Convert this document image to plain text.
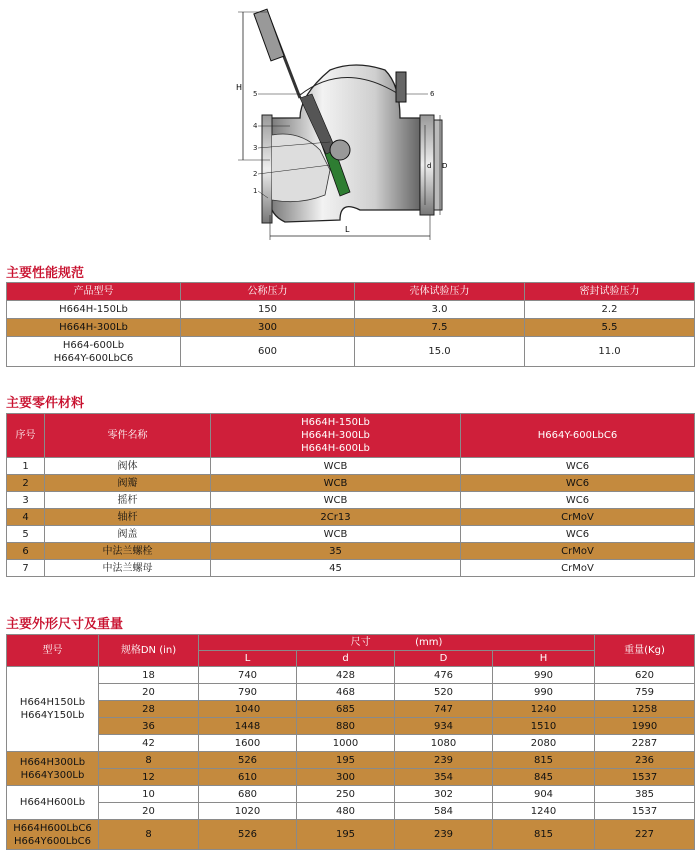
H
L
d D
5
4
3
2
1
6
主要性能规范
产品型号	公称压力	壳体试验压力	密封试验压力
H664H-150Lb	150	3.0	2.2
H664H-300Lb	300	7.5	5.5
H664-600Lb
H664Y-600LbC6	600	15.0	11.0
主要零件材料
序号	零件名称	H664H-150Lb
H664H-300Lb
H664H-600Lb	H664Y-600LbC6
1	阀体	WCB	WC6
2	阀瓣	WCB	WC6
3	摇杆	WCB	WC6
4	轴杆	2Cr13	CrMoV
5	阀盖	WCB	WC6
6	中法兰螺栓	35	CrMoV
7	中法兰螺母	45	CrMoV
主要外形尺寸及重量
型号	规格DN (in)	尺寸 (mm)				重量(Kg)
		L	d	D	H	
H664H150Lb
H664Y150Lb	18	740	428	476	990	620
	20	790	468	520	990	759
	28	1040	685	747	1240	1258
	36	1448	880	934	1510	1990
	42	1600	1000	1080	2080	2287
H664H300Lb
H664Y300Lb	8	526	195	239	815	236
	12	610	300	354	845	1537
H664H600Lb	10	680	250	302	904	385
	20	1020	480	584	1240	1537
H664H600LbC6
H664Y600LbC6	8	526	195	239	815	227
